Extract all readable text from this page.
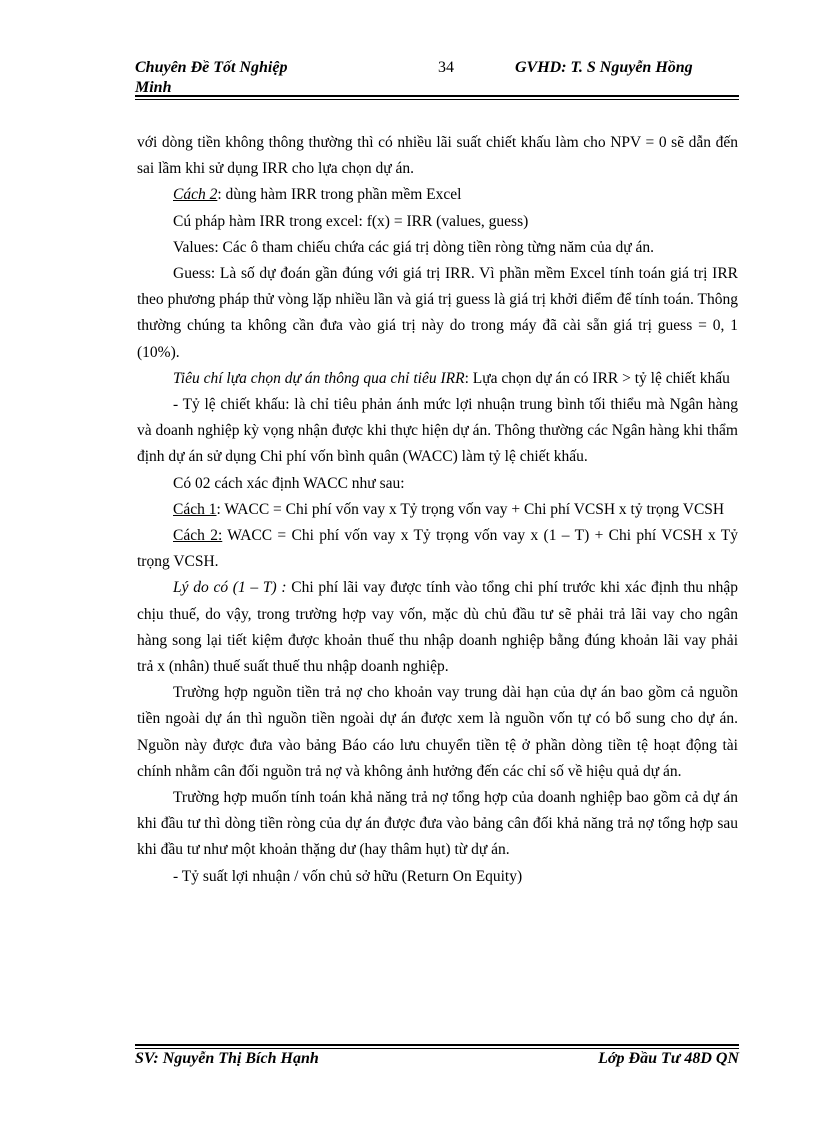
Chuyên Đề Tốt Nghiệp Minh
34	GVHD: T. S Nguyễn Hồng

với dòng tiền không thông thường thì có nhiều lãi suất chiết khấu làm cho NPV = 0 sẽ dẫn đến sai lầm khi sử dụng IRR cho lựa chọn dự án.

Cách 2: dùng hàm IRR trong phần mềm Excel

Cú pháp hàm IRR trong excel: f(x) = IRR (values, guess)

Values: Các ô tham chiếu chứa các giá trị dòng tiền ròng từng năm của dự án.

Guess: Là số dự đoán gần đúng với giá trị IRR. Vì phần mềm Excel tính toán giá trị IRR theo phương pháp thử vòng lặp nhiều lần và giá trị guess là giá trị khởi điểm để tính toán. Thông thường chúng ta không cần đưa vào giá trị này do trong máy đã cài sẵn giá trị guess = 0, 1 (10%).

Tiêu chí lựa chọn dự án thông qua chỉ tiêu IRR: Lựa chọn dự án có IRR > tỷ lệ chiết khấu

- Tỷ lệ chiết khấu: là chỉ tiêu phản ánh mức lợi nhuận trung bình tối thiểu mà Ngân hàng và doanh nghiệp kỳ vọng nhận được khi thực hiện dự án. Thông thường các Ngân hàng khi thẩm định dự án sử dụng Chi phí vốn bình quân (WACC) làm tỷ lệ chiết khấu.

Có 02 cách xác định WACC như sau:

Cách 1: WACC = Chi phí vốn vay x Tỷ trọng vốn vay + Chi phí VCSH x tỷ trọng VCSH

Cách 2: WACC = Chi phí vốn vay x Tỷ trọng vốn vay x (1 – T) + Chi phí VCSH x Tỷ trọng VCSH.

Lý do có (1 – T) : Chi phí lãi vay được tính vào tổng chi phí trước khi xác định thu nhập chịu thuế, do vậy, trong trường hợp vay vốn, mặc dù chủ đầu tư sẽ phải trả lãi vay cho ngân hàng song lại tiết kiệm được khoản thuế thu nhập doanh nghiệp bằng đúng khoản lãi vay phải trả x (nhân) thuế suất thuế thu nhập doanh nghiệp.

Trường hợp nguồn tiền trả nợ cho khoản vay trung dài hạn của dự án bao gồm cả nguồn tiền ngoài dự án thì nguồn tiền ngoài dự án được xem là nguồn vốn tự có bổ sung cho dự án. Nguồn này được đưa vào bảng Báo cáo lưu chuyển tiền tệ ở phần dòng tiền tệ hoạt động tài chính nhằm cân đối nguồn trả nợ và không ảnh hưởng đến các chỉ số về hiệu quả dự án.

Trường hợp muốn tính toán khả năng trả nợ tổng hợp của doanh nghiệp bao gồm cả dự án khi đầu tư thì dòng tiền ròng của dự án được đưa vào bảng cân đối khả năng trả nợ tổng hợp sau khi đầu tư như một khoản thặng dư (hay thâm hụt) từ dự án.

- Tỷ suất lợi nhuận / vốn chủ sở hữu (Return On Equity)

SV: Nguyễn Thị Bích Hạnh	Lớp Đầu Tư 48D QN
